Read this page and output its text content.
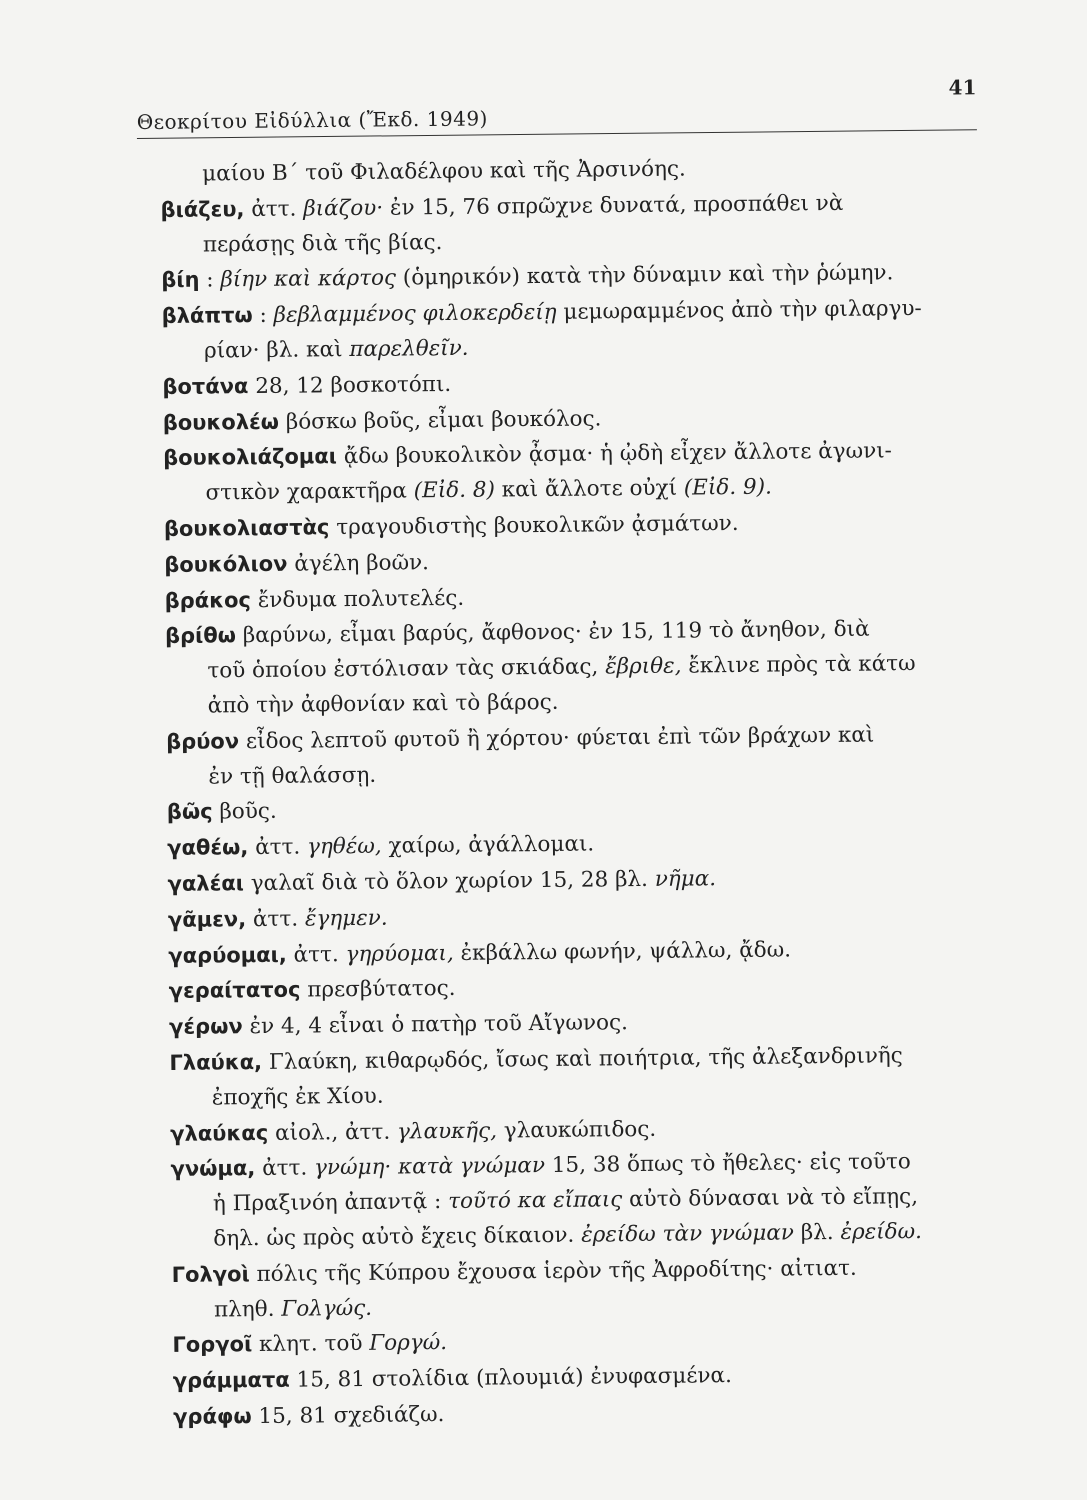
Θεοκρίτου Εἰδύλλια (Ἔκδ. 1949)
41
μαίου Β΄ τοῦ Φιλαδέλφου καὶ τῆς Ἀρσινόης.
βιάζευ, ἀττ. βιάζου· ἐν 15, 76 σπρῶχνε δυνατά, προσπάθει νὰ
περάσῃς διὰ τῆς βίας.
βίη : βίην καὶ κάρτος (ὁμηρικόν) κατὰ τὴν δύναμιν καὶ τὴν ῥώμην.
βλάπτω : βεβλαμμένος φιλοκερδείῃ μεμωραμμένος ἀπὸ τὴν φιλαργυ-
ρίαν· βλ. καὶ παρελθεῖν.
βοτάνα 28, 12 βοσκοτόπι.
βουκολέω βόσκω βοῦς, εἶμαι βουκόλος.
βουκολιάζομαι ᾄδω βουκολικὸν ᾆσμα· ἡ ᾠδὴ εἶχεν ἄλλοτε ἀγωνι-
στικὸν χαρακτῆρα (Εἰδ. 8) καὶ ἄλλοτε οὐχί (Εἰδ. 9).
βουκολιαστὰς τραγουδιστὴς βουκολικῶν ᾀσμάτων.
βουκόλιον ἀγέλη βοῶν.
βράκος ἔνδυμα πολυτελές.
βρίθω βαρύνω, εἶμαι βαρύς, ἄφθονος· ἐν 15, 119 τὸ ἄνηθον, διὰ
τοῦ ὁποίου ἐστόλισαν τὰς σκιάδας, ἔβριθε, ἔκλινε πρὸς τὰ κάτω
ἀπὸ τὴν ἀφθονίαν καὶ τὸ βάρος.
βρύον εἶδος λεπτοῦ φυτοῦ ἢ χόρτου· φύεται ἐπὶ τῶν βράχων καὶ
ἐν τῇ θαλάσσῃ.
βῶς βοῦς.
γαθέω, ἀττ. γηθέω, χαίρω, ἀγάλλομαι.
γαλέαι γαλαῖ διὰ τὸ ὅλον χωρίον 15, 28 βλ. νῆμα.
γᾶμεν, ἀττ. ἔγημεν.
γαρύομαι, ἀττ. γηρύομαι, ἐκβάλλω φωνήν, ψάλλω, ᾄδω.
γεραίτατος πρεσβύτατος.
γέρων ἐν 4, 4 εἶναι ὁ πατὴρ τοῦ Αἴγωνος.
Γλαύκα, Γλαύκη, κιθαρῳδός, ἴσως καὶ ποιήτρια, τῆς ἀλεξανδρινῆς
ἐποχῆς ἐκ Χίου.
γλαύκας αἰολ., ἀττ. γλαυκῆς, γλαυκώπιδος.
γνώμα, ἀττ. γνώμη· κατὰ γνώμαν 15, 38 ὅπως τὸ ἤθελες· εἰς τοῦτο
ἡ Πραξινόη ἀπαντᾷ : τοῦτό κα εἴπαις αὐτὸ δύνασαι νὰ τὸ εἴπῃς,
δηλ. ὡς πρὸς αὐτὸ ἔχεις δίκαιον. ἐρείδω τὰν γνώμαν βλ. ἐρείδω.
Γολγοὶ πόλις τῆς Κύπρου ἔχουσα ἱερὸν τῆς Ἀφροδίτης· αἰτιατ.
πληθ. Γολγώς.
Γοργοῖ κλητ. τοῦ Γοργώ.
γράμματα 15, 81 στολίδια (πλουμιά) ἐνυφασμένα.
γράφω 15, 81 σχεδιάζω.
